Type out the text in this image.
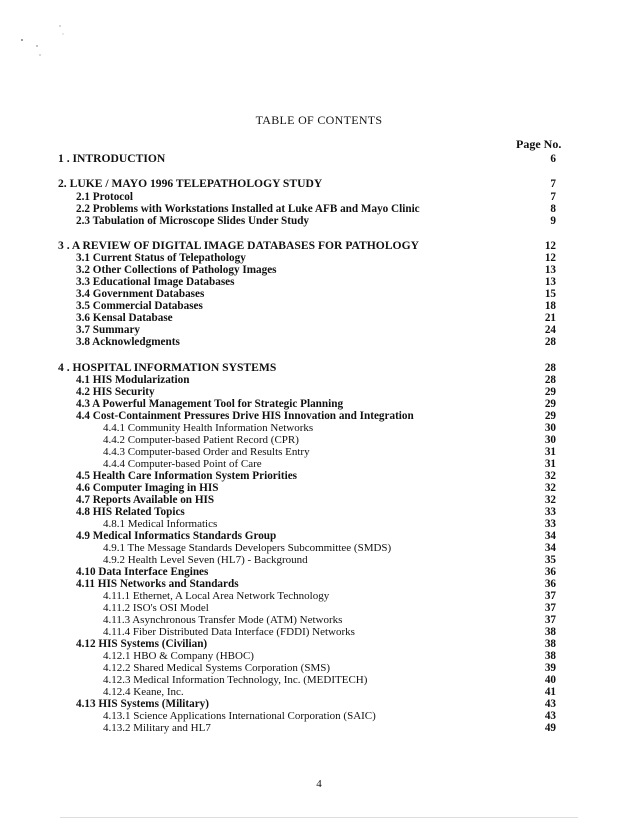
TABLE OF CONTENTS
Page No.
1 . INTRODUCTION	6
2. LUKE / MAYO 1996 TELEPATHOLOGY STUDY	7
2.1 Protocol	7
2.2 Problems with Workstations Installed at Luke AFB and Mayo Clinic	8
2.3 Tabulation of Microscope Slides Under Study	9
3 . A REVIEW OF DIGITAL IMAGE DATABASES FOR PATHOLOGY	12
3.1 Current Status of Telepathology	12
3.2 Other Collections of Pathology Images	13
3.3 Educational Image Databases	13
3.4 Government Databases	15
3.5 Commercial Databases	18
3.6 Kensal Database	21
3.7 Summary	24
3.8 Acknowledgments	28
4 . HOSPITAL INFORMATION SYSTEMS	28
4.1 HIS Modularization	28
4.2 HIS Security	29
4.3 A Powerful Management Tool for Strategic Planning	29
4.4 Cost-Containment Pressures Drive HIS Innovation and Integration	29
4.4.1 Community Health Information Networks	30
4.4.2 Computer-based Patient Record (CPR)	30
4.4.3 Computer-based Order and Results Entry	31
4.4.4 Computer-based Point of Care	31
4.5 Health Care Information System Priorities	32
4.6 Computer Imaging in HIS	32
4.7 Reports Available on HIS	32
4.8 HIS Related Topics	33
4.8.1 Medical Informatics	33
4.9 Medical Informatics Standards Group	34
4.9.1 The Message Standards Developers Subcommittee (SMDS)	34
4.9.2 Health Level Seven (HL7) - Background	35
4.10 Data Interface Engines	36
4.11 HIS Networks and Standards	36
4.11.1 Ethernet, A Local Area Network Technology	37
4.11.2 ISO's OSI Model	37
4.11.3 Asynchronous Transfer Mode (ATM) Networks	37
4.11.4 Fiber Distributed Data Interface (FDDI) Networks	38
4.12 HIS Systems (Civilian)	38
4.12.1 HBO & Company (HBOC)	38
4.12.2 Shared Medical Systems Corporation (SMS)	39
4.12.3 Medical Information Technology, Inc. (MEDITECH)	40
4.12.4 Keane, Inc.	41
4.13 HIS Systems (Military)	43
4.13.1 Science Applications International Corporation (SAIC)	43
4.13.2 Military and HL7	49
4
